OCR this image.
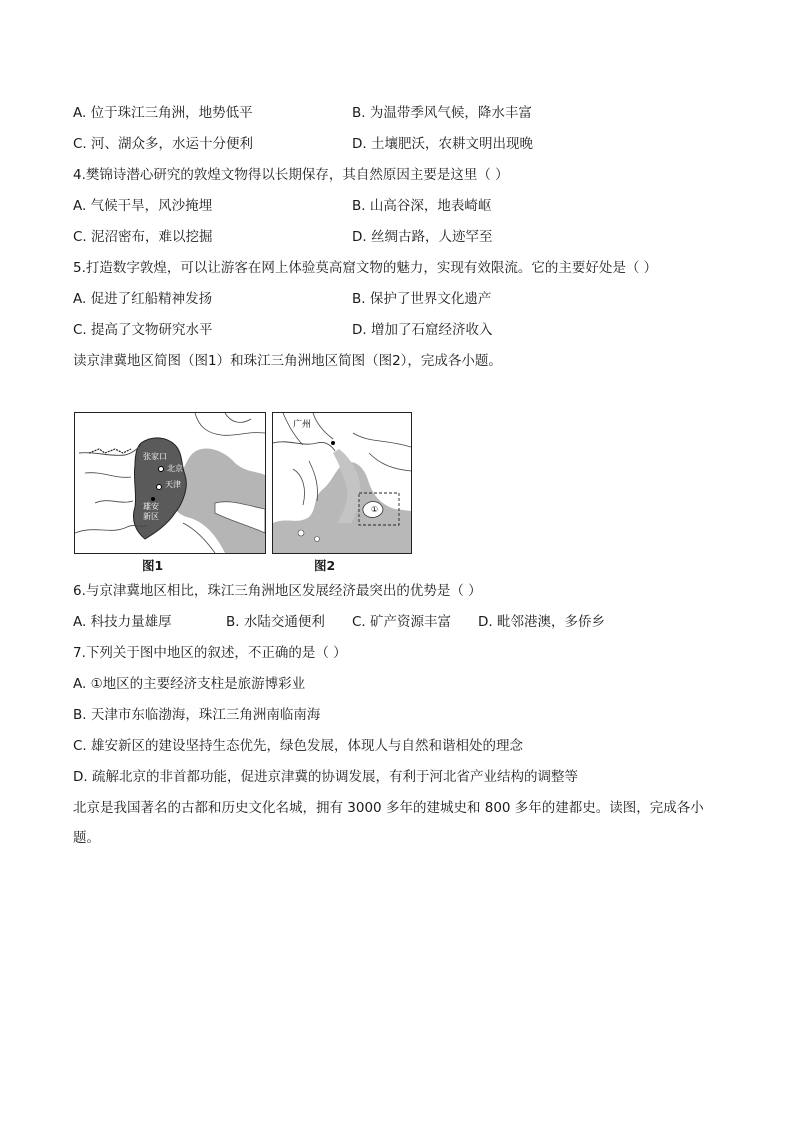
A. 位于珠江三角洲，地势低平	B. 为温带季风气候，降水丰富
C. 河、湖众多，水运十分便利	D. 土壤肥沃，农耕文明出现晚
4.樊锦诗潜心研究的敦煌文物得以长期保存，其自然原因主要是这里（ ）
A. 气候干旱，风沙掩埋	B. 山高谷深，地表崎岖
C. 泥沼密布，难以挖掘	D. 丝绸古路，人迹罕至
5.打造数字敦煌，可以让游客在网上体验莫高窟文物的魅力，实现有效限流。它的主要好处是（ ）
A. 促进了红船精神发扬	B. 保护了世界文化遗产
C. 提高了文物研究水平	D. 增加了石窟经济收入
读京津冀地区简图（图1）和珠江三角洲地区简图（图2），完成各小题。
张家口
北京
天津
雄安
新区
广州
①
图1	图2
6.与京津冀地区相比，珠江三角洲地区发展经济最突出的优势是（ ）
A. 科技力量雄厚	B. 水陆交通便利 C. 矿产资源丰富 D. 毗邻港澳，多侨乡
7.下列关于图中地区的叙述，不正确的是（ ）
A. ①地区的主要经济支柱是旅游博彩业
B. 天津市东临渤海，珠江三角洲南临南海
C. 雄安新区的建设坚持生态优先，绿色发展，体现人与自然和谐相处的理念
D. 疏解北京的非首都功能，促进京津冀的协调发展，有利于河北省产业结构的调整等
北京是我国著名的古都和历史文化名城，拥有 3000 多年的建城史和 800 多年的建都史。读图，完成各小题。
